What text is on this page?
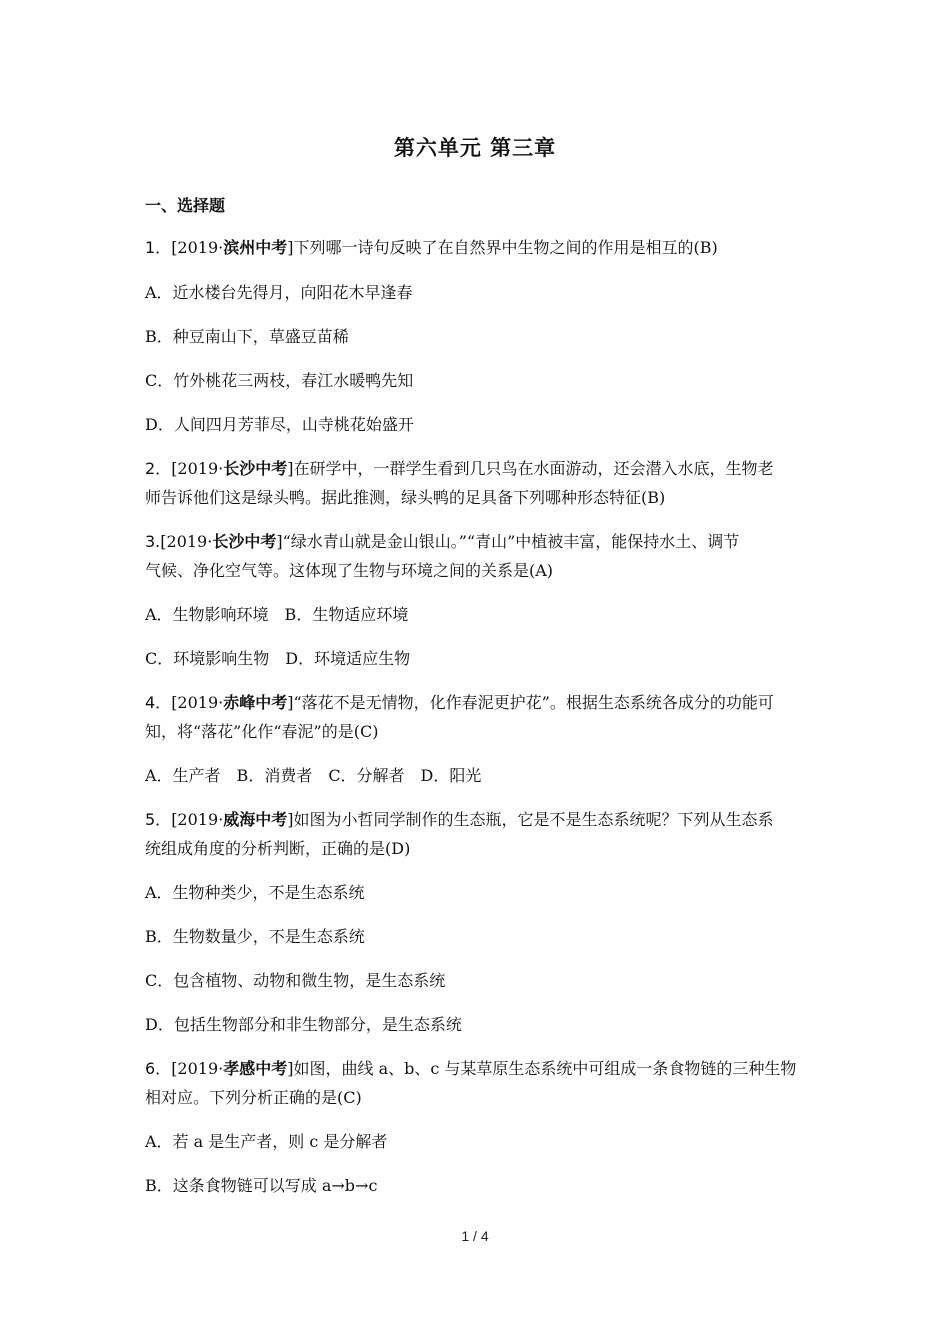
第六单元 第三章
一、选择题
1．[2019·滨州中考]下列哪一诗句反映了在自然界中生物之间的作用是相互的(B)
A．近水楼台先得月，向阳花木早逢春
B．种豆南山下，草盛豆苗稀
C．竹外桃花三两枝，春江水暖鸭先知
D．人间四月芳菲尽，山寺桃花始盛开
2．[2019·长沙中考]在研学中，一群学生看到几只鸟在水面游动，还会潜入水底，生物老
师告诉他们这是绿头鸭。据此推测，绿头鸭的足具备下列哪种形态特征(B)
3.[2019·长沙中考]“绿水青山就是金山银山。”“青山”中植被丰富，能保持水土、调节
气候、净化空气等。这体现了生物与环境之间的关系是(A)
A．生物影响环境　B．生物适应环境
C．环境影响生物　D．环境适应生物
4．[2019·赤峰中考]“落花不是无情物，化作春泥更护花”。根据生态系统各成分的功能可
知，将“落花”化作“春泥”的是(C)
A．生产者　B．消费者　C．分解者　D．阳光
5．[2019·威海中考]如图为小哲同学制作的生态瓶，它是不是生态系统呢？下列从生态系
统组成角度的分析判断，正确的是(D)
A．生物种类少，不是生态系统
B．生物数量少，不是生态系统
C．包含植物、动物和微生物，是生态系统
D．包括生物部分和非生物部分，是生态系统
6．[2019·孝感中考]如图，曲线 a、b、c 与某草原生态系统中可组成一条食物链的三种生物
相对应。下列分析正确的是(C)
A．若 a 是生产者，则 c 是分解者
B．这条食物链可以写成 a→b→c
1 / 4
